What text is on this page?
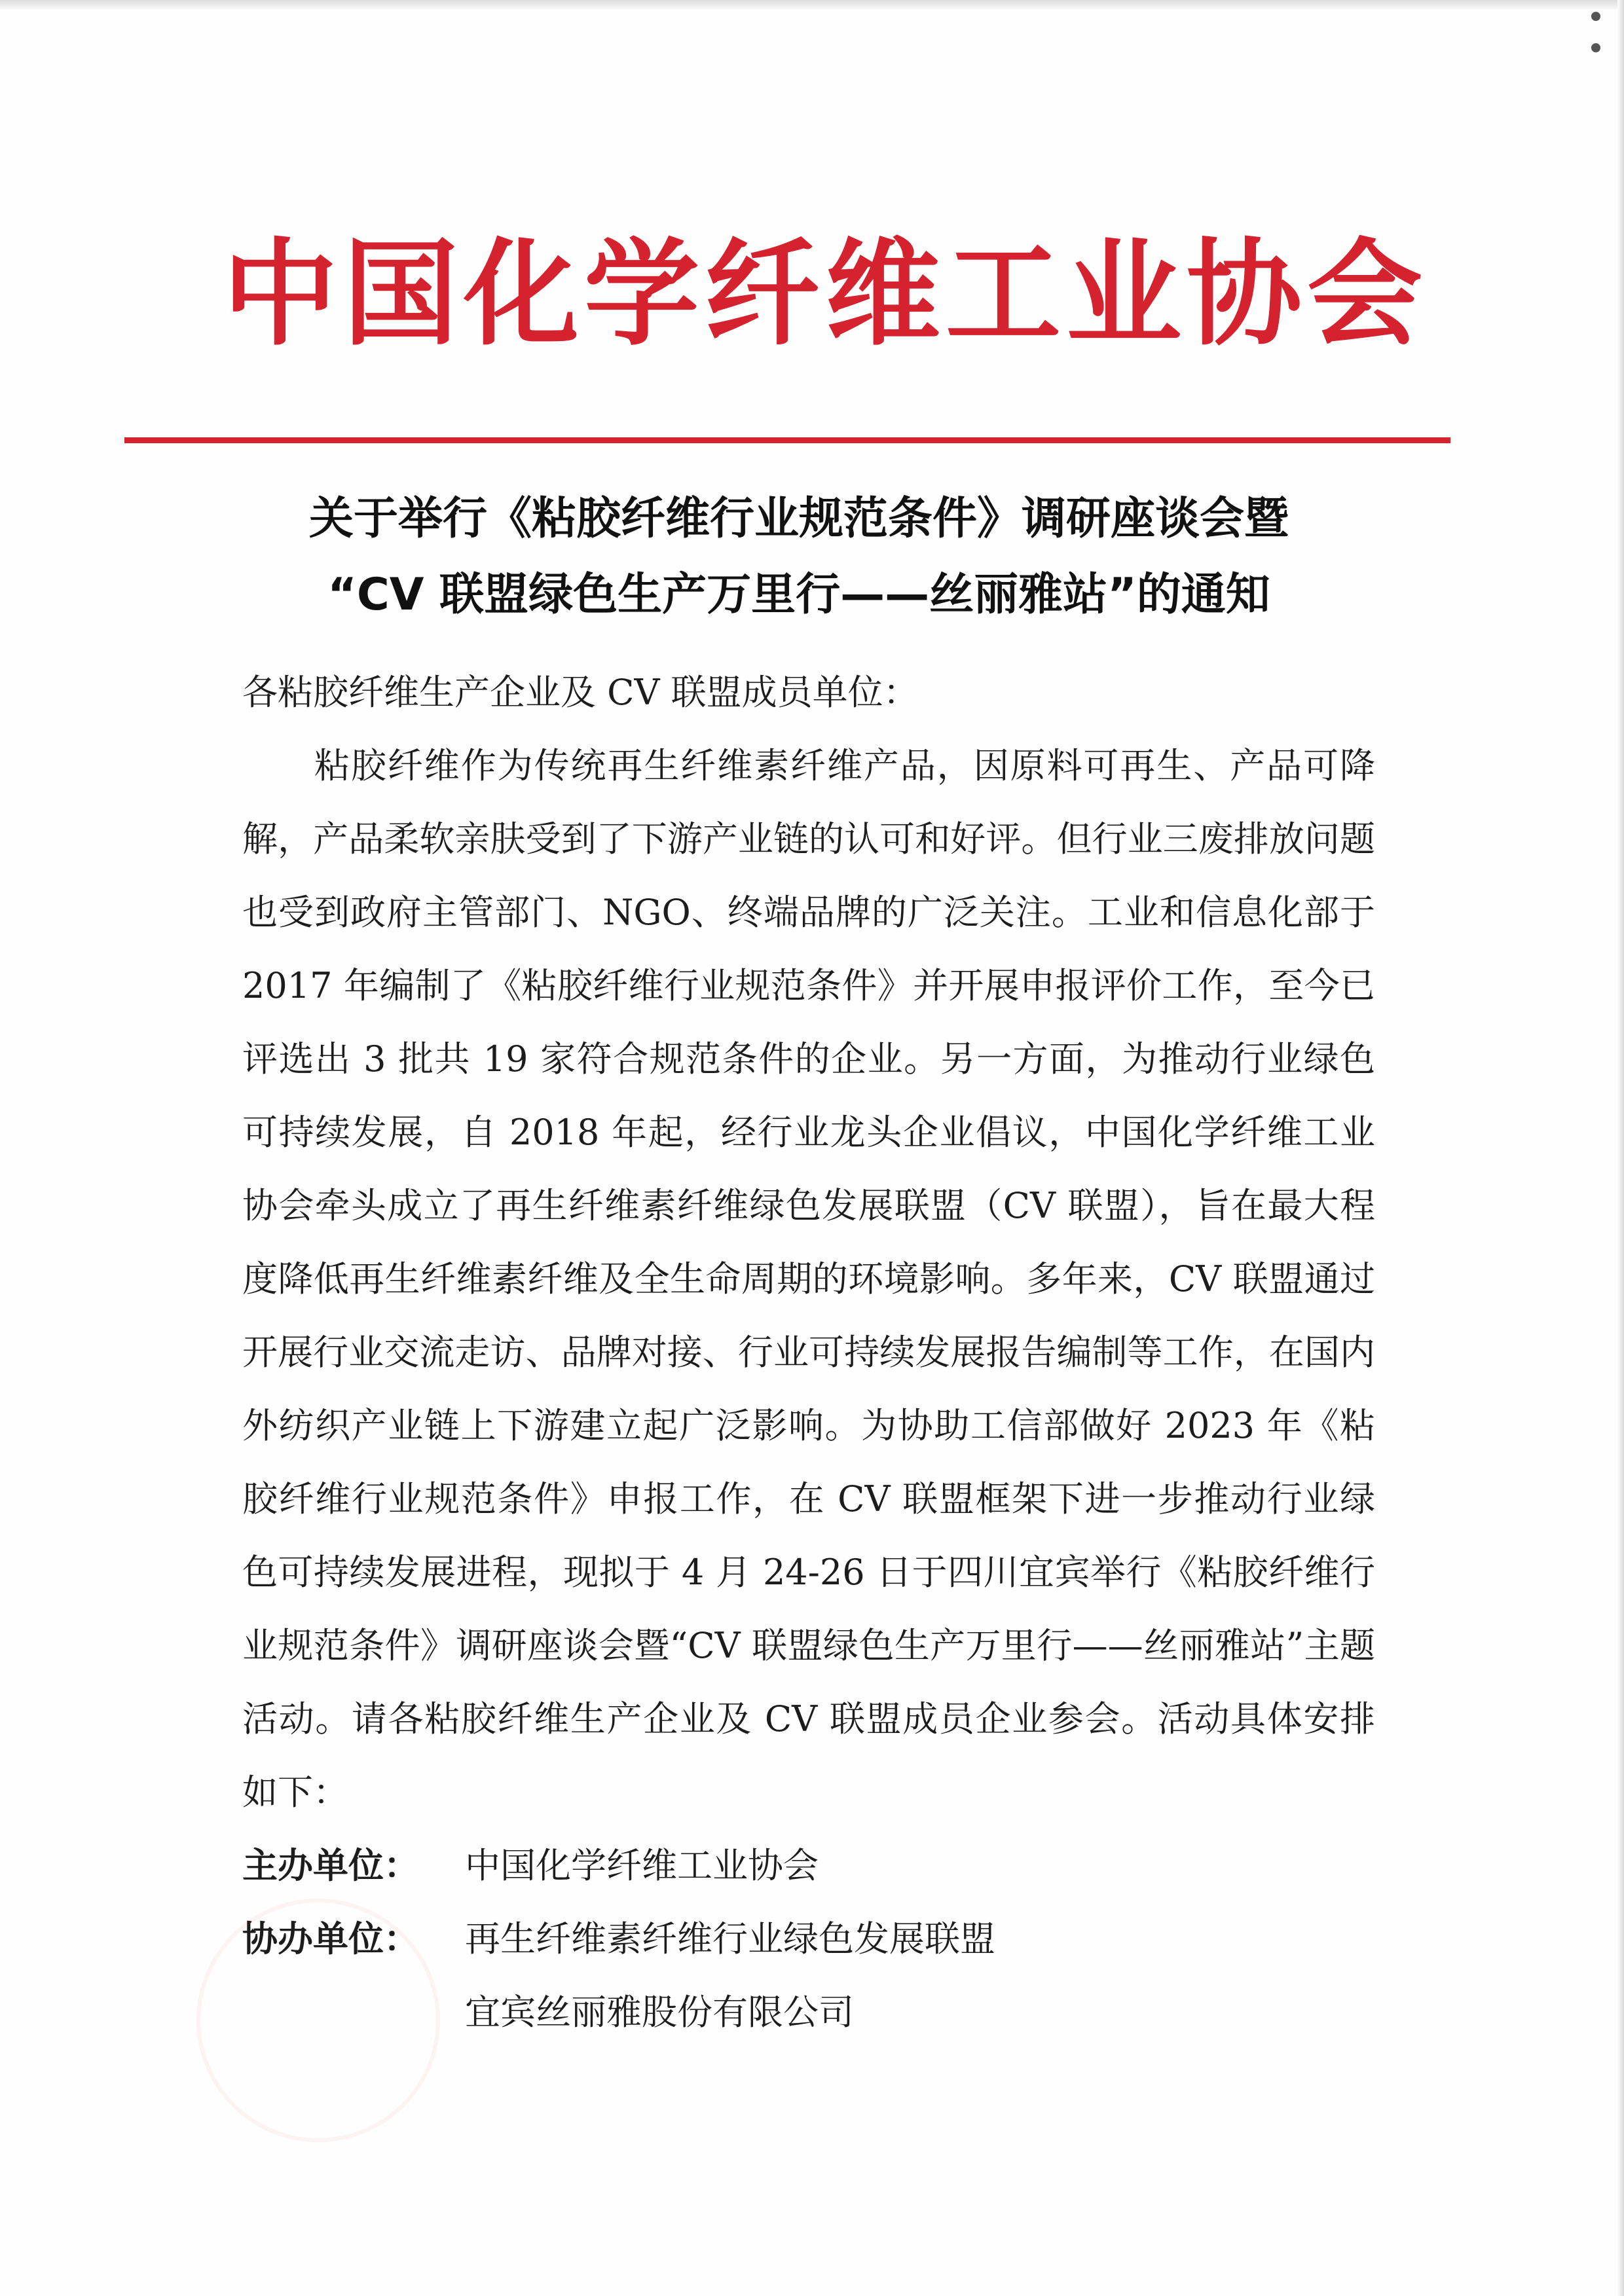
中国化学纤维工业协会
关于举行《粘胶纤维行业规范条件》调研座谈会暨
“CV 联盟绿色生产万里行——丝丽雅站”的通知

各粘胶纤维生产企业及 CV 联盟成员单位：

粘胶纤维作为传统再生纤维素纤维产品，因原料可再生、产品可降解，产品柔软亲肤受到了下游产业链的认可和好评。但行业三废排放问题也受到政府主管部门、NGO、终端品牌的广泛关注。工业和信息化部于 2017 年编制了《粘胶纤维行业规范条件》并开展申报评价工作，至今已评选出 3 批共 19 家符合规范条件的企业。另一方面，为推动行业绿色可持续发展，自 2018 年起，经行业龙头企业倡议，中国化学纤维工业协会牵头成立了再生纤维素纤维绿色发展联盟（CV 联盟），旨在最大程度降低再生纤维素纤维及全生命周期的环境影响。多年来，CV 联盟通过开展行业交流走访、品牌对接、行业可持续发展报告编制等工作，在国内外纺织产业链上下游建立起广泛影响。为协助工信部做好 2023 年《粘胶纤维行业规范条件》申报工作，在 CV 联盟框架下进一步推动行业绿色可持续发展进程，现拟于 4 月 24-26 日于四川宜宾举行《粘胶纤维行业规范条件》调研座谈会暨“CV 联盟绿色生产万里行——丝丽雅站”主题活动。请各粘胶纤维生产企业及 CV 联盟成员企业参会。活动具体安排如下：

主办单位：	中国化学纤维工业协会
协办单位：	再生纤维素纤维行业绿色发展联盟
宜宾丝丽雅股份有限公司
